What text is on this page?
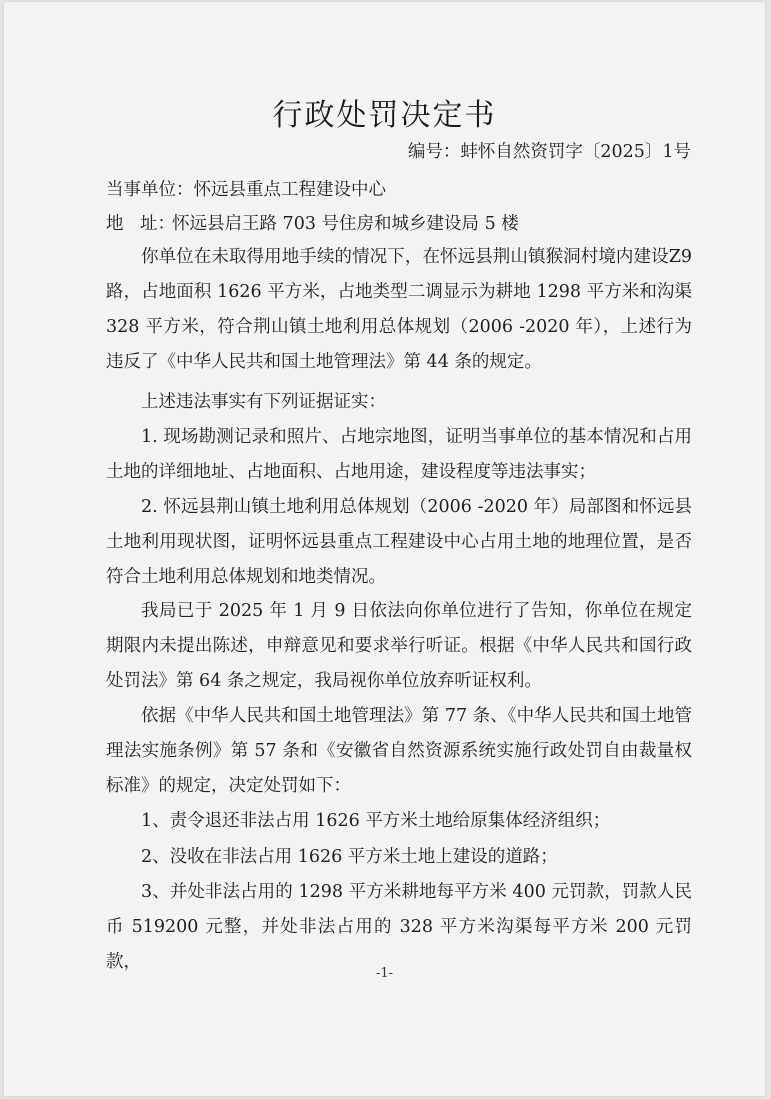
行政处罚决定书
编号：蚌怀自然资罚字〔2025〕1号
当事单位：怀远县重点工程建设中心
地 址：怀远县启王路 703 号住房和城乡建设局 5 楼

你单位在未取得用地手续的情况下，在怀远县荆山镇猴洞村境内建设Z9 路，占地面积 1626 平方米，占地类型二调显示为耕地 1298 平方米和沟渠 328 平方米，符合荆山镇土地利用总体规划（2006 -2020 年），上述行为违反了《中华人民共和国土地管理法》第 44 条的规定。

上述违法事实有下列证据证实：

1. 现场勘测记录和照片、占地宗地图，证明当事单位的基本情况和占用土地的详细地址、占地面积、占地用途，建设程度等违法事实；

2. 怀远县荆山镇土地利用总体规划（2006 -2020 年）局部图和怀远县土地利用现状图，证明怀远县重点工程建设中心占用土地的地理位置，是否符合土地利用总体规划和地类情况。

我局已于 2025 年 1 月 9 日依法向你单位进行了告知，你单位在规定期限内未提出陈述，申辩意见和要求举行听证。根据《中华人民共和国行政处罚法》第 64 条之规定，我局视你单位放弃听证权利。

依据《中华人民共和国土地管理法》第 77 条、《中华人民共和国土地管理法实施条例》第 57 条和《安徽省自然资源系统实施行政处罚自由裁量权标准》的规定，决定处罚如下：

1、责令退还非法占用 1626 平方米土地给原集体经济组织；

2、没收在非法占用 1626 平方米土地上建设的道路；

3、并处非法占用的 1298 平方米耕地每平方米 400 元罚款，罚款人民币 519200 元整，并处非法占用的 328 平方米沟渠每平方米 200 元罚款，

-1-
